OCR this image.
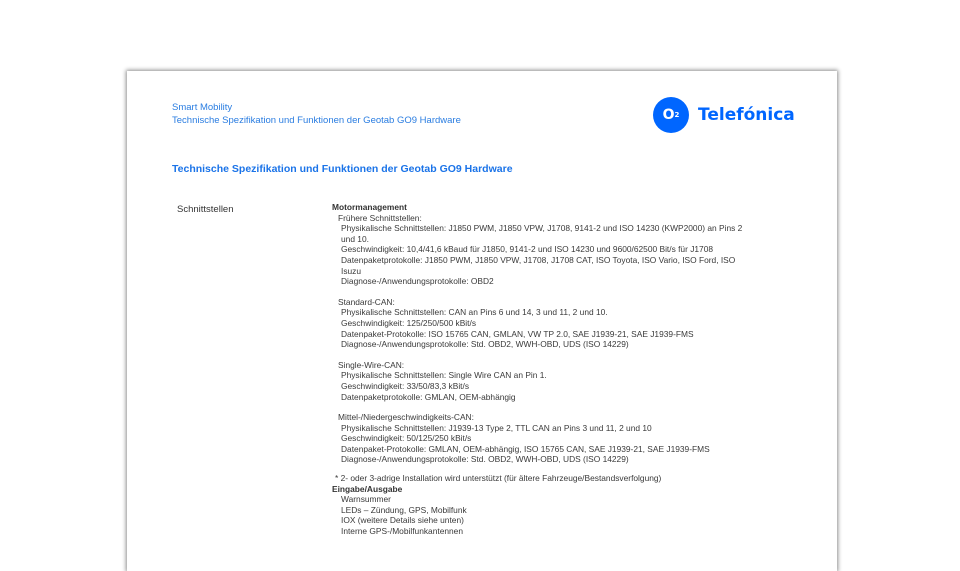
Smart Mobility
Technische Spezifikation und Funktionen der Geotab GO9 Hardware	O 2 Telefónica
Technische Spezifikation und Funktionen der Geotab GO9 Hardware
Schnittstellen	Motormanagement
Frühere Schnittstellen:
Physikalische Schnittstellen: J1850 PWM, J1850 VPW, J1708, 9141-2 und ISO 14230 (KWP2000) an Pins 2
und 10.
Geschwindigkeit: 10,4/41,6 kBaud für J1850, 9141-2 und ISO 14230 und 9600/62500 Bit/s für J1708
Datenpaketprotokolle: J1850 PWM, J1850 VPW, J1708, J1708 CAT, ISO Toyota, ISO Vario, ISO Ford, ISO
Isuzu
Diagnose-/Anwendungsprotokolle: OBD2
Standard-CAN:
Physikalische Schnittstellen: CAN an Pins 6 und 14, 3 und 11, 2 und 10.
Geschwindigkeit: 125/250/500 kBit/s
Datenpaket-Protokolle: ISO 15765 CAN, GMLAN, VW TP 2.0, SAE J1939-21, SAE J1939-FMS
Diagnose-/Anwendungsprotokolle: Std. OBD2, WWH-OBD, UDS (ISO 14229)
Single-Wire-CAN:
Physikalische Schnittstellen: Single Wire CAN an Pin 1.
Geschwindigkeit: 33/50/83,3 kBit/s
Datenpaketprotokolle: GMLAN, OEM-abhängig
Mittel-/Niedergeschwindigkeits-CAN:
Physikalische Schnittstellen: J1939-13 Type 2, TTL CAN an Pins 3 und 11, 2 und 10
Geschwindigkeit: 50/125/250 kBit/s
Datenpaket-Protokolle: GMLAN, OEM-abhängig, ISO 15765 CAN, SAE J1939-21, SAE J1939-FMS
Diagnose-/Anwendungsprotokolle: Std. OBD2, WWH-OBD, UDS (ISO 14229)
* 2- oder 3-adrige Installation wird unterstützt (für ältere Fahrzeuge/Bestandsverfolgung)
Eingabe/Ausgabe
Warnsummer
LEDs – Zündung, GPS, Mobilfunk
IOX (weitere Details siehe unten)
Interne GPS-/Mobilfunkantennen
